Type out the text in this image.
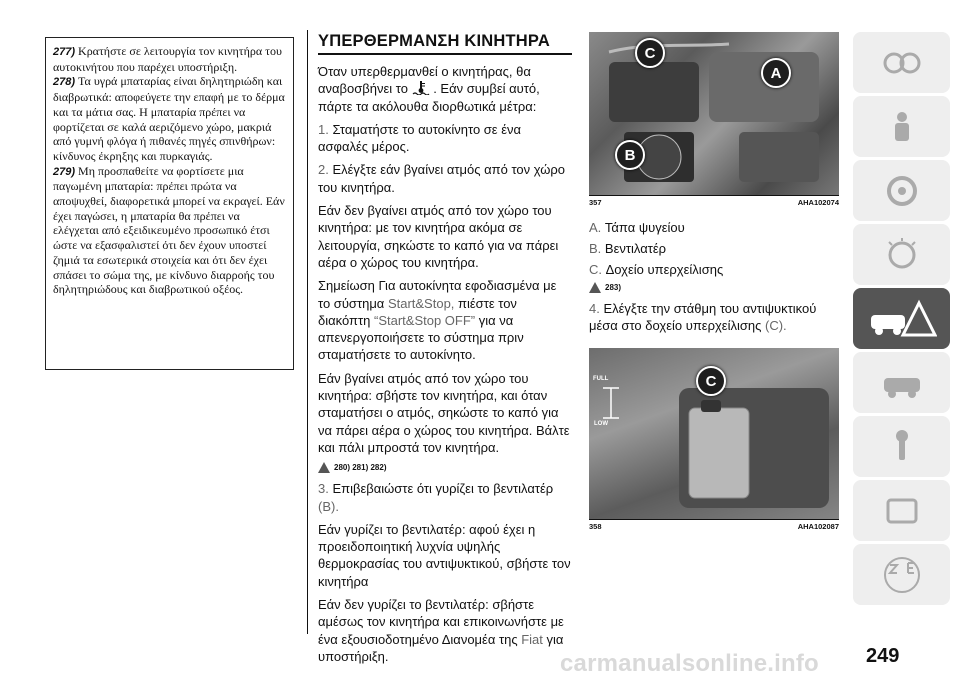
277) Κρατήστε σε λειτουργία τον κινητήρα του αυτοκινήτου που παρέχει υποστήριξη.

278) Τα υγρά μπαταρίας είναι δηλητηριώδη και διαβρωτικά: αποφεύγετε την επαφή με το δέρμα και τα μάτια σας. Η μπαταρία πρέπει να φορτίζεται σε καλά αεριζόμενο χώρο, μακριά από γυμνή φλόγα ή πιθανές πηγές σπινθήρων: κίνδυνος έκρηξης και πυρκαγιάς.

279) Μη προσπαθείτε να φορτίσετε μια παγωμένη μπαταρία: πρέπει πρώτα να αποψυχθεί, διαφορετικά μπορεί να εκραγεί. Εάν έχει παγώσει, η μπαταρία θα πρέπει να ελέγχεται από εξειδικευμένο προσωπικό έτσι ώστε να εξασφαλιστεί ότι δεν έχουν υποστεί ζημιά τα εσωτερικά στοιχεία και ότι δεν έχει σπάσει το σώμα της, με κίνδυνο διαρροής του δηλητηριώδους και διαβρωτικού οξέος.

ΥΠΕΡΘΕΡΜΑΝΣΗ ΚΙΝΗΤΗΡΑ

Όταν υπερθερμανθεί ο κινητήρας, θα αναβοσβήνει το . Εάν συμβεί αυτό, πάρτε τα ακόλουθα διορθωτικά μέτρα:

1. Σταματήστε το αυτοκίνητο σε ένα ασφαλές μέρος.

2. Ελέγξτε εάν βγαίνει ατμός από τον χώρο του κινητήρα.

Εάν δεν βγαίνει ατμός από τον χώρο του κινητήρα: με τον κινητήρα ακόμα σε λειτουργία, σηκώστε το καπό για να πάρει αέρα ο χώρος του κινητήρα.

Σημείωση Για αυτοκίνητα εφοδιασμένα με το σύστημα Start&Stop, πιέστε τον διακόπτη “Start&Stop OFF” για να απενεργοποιήσετε το σύστημα πριν σταματήσετε το αυτοκίνητο.

Εάν βγαίνει ατμός από τον χώρο του κινητήρα: σβήστε τον κινητήρα, και όταν σταματήσει ο ατμός, σηκώστε το καπό για να πάρει αέρα ο χώρος του κινητήρα. Βάλτε και πάλι μπροστά τον κινητήρα.

280) 281) 282)

3. Επιβεβαιώστε ότι γυρίζει το βεντιλατέρ (B).

Εάν γυρίζει το βεντιλατέρ: αφού έχει η προειδοποιητική λυχνία υψηλής θερμοκρασίας του αντιψυκτικού, σβήστε τον κινητήρα

Εάν δεν γυρίζει το βεντιλατέρ: σβήστε αμέσως τον κινητήρα και επικοινωνήστε με ένα εξουσιοδοτημένο Διανομέα της Fiat για υποστήριξη.

C
A
B
357	AHA102074

A. Τάπα ψυγείου

B. Βεντιλατέρ

C. Δοχείο υπερχείλισης

283)

4. Ελέγξτε την στάθμη του αντιψυκτικού μέσα στο δοχείο υπερχείλισης (C).

FULL
LOW
C
358	AHA102087
carmanualsonline.info 249
